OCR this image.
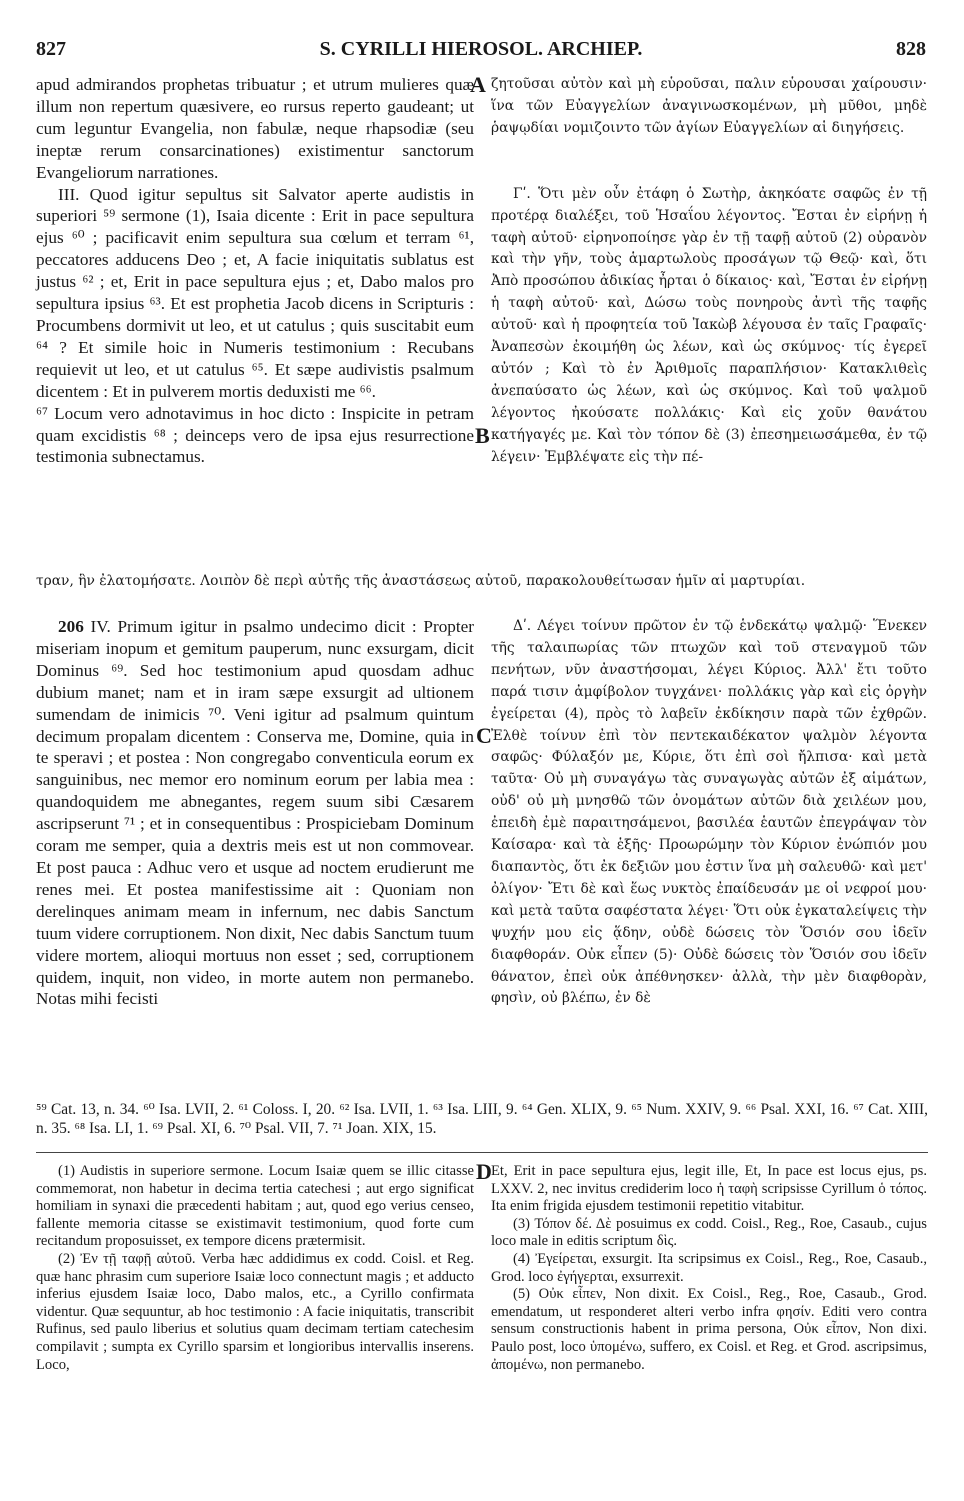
827	S. CYRILLI HIEROSOL. ARCHIEP.	828
A
B
C
D

apud admirandos prophetas tribuatur ; et utrum mulieres quæ illum non repertum quæsivere, eo rursus reperto gaudeant; ut cum leguntur Evangelia, non fabulæ, neque rhapsodiæ (seu ineptæ rerum consarcinationes) existimentur sanctorum Evangeliorum narrationes.

III. Quod igitur sepultus sit Salvator aperte audistis in superiori ⁵⁹ sermone (1), Isaia dicente : Erit in pace sepultura ejus ⁶⁰ ; pacificavit enim sepultura sua cœlum et terram ⁶¹, peccatores adducens Deo ; et, A facie iniquitatis sublatus est justus ⁶² ; et, Erit in pace sepultura ejus ; et, Dabo malos pro sepultura ipsius ⁶³. Et est prophetia Jacob dicens in Scripturis : Procumbens dormivit ut leo, et ut catulus ; quis suscitabit eum ⁶⁴ ? Et simile hoic in Numeris testimonium : Recubans requievit ut leo, et ut catulus ⁶⁵. Et sæpe audivistis psalmum dicentem : Et in pulverem mortis deduxisti me ⁶⁶.

⁶⁷ Locum vero adnotavimus in hoc dicto : Inspicite in petram quam excidistis ⁶⁸ ; deinceps vero de ipsa ejus resurrectione testimonia subnectamus.

ζητοῦσαι αὐτὸν καὶ μὴ εὑροῦσαι, παλιν εὑρουσαι χαίρουσιν· ἵνα τῶν Εὐαγγελίων ἀναγινωσκομένων, μὴ μῦθοι, μηδὲ ῥαψῳδίαι νομιζοιντο τῶν ἁγίων Εὐαγγελίων αἱ διηγήσεις.

Γʹ. Ὅτι μὲν οὖν ἐτάφη ὁ Σωτὴρ, ἀκηκόατε σαφῶς ἐν τῇ προτέρᾳ διαλέξει, τοῦ Ἡσαΐου λέγοντος. Ἔσται ἐν εἰρήνῃ ἡ ταφὴ αὐτοῦ· εἰρηνοποίησε γὰρ ἐν τῇ ταφῇ αὐτοῦ (2) οὐρανὸν καὶ τὴν γῆν, τοὺς ἁμαρτωλοὺς προσάγων τῷ Θεῷ· καὶ, ὅτι Ἀπὸ προσώπου ἀδικίας ἦρται ὁ δίκαιος· καὶ, Ἔσται ἐν εἰρήνῃ ἡ ταφὴ αὐτοῦ· καὶ, Δώσω τοὺς πονηροὺς ἀντὶ τῆς ταφῆς αὐτοῦ· καὶ ἡ προφητεία τοῦ Ἰακὼβ λέγουσα ἐν ταῖς Γραφαῖς· Ἀναπεσὼν ἐκοιμήθη ὡς λέων, καὶ ὡς σκύμνος· τίς ἐγερεῖ αὐτόν ; Καὶ τὸ ἐν Ἀριθμοῖς παραπλήσιον· Κατακλιθεὶς ἀνεπαύσατο ὡς λέων, καὶ ὡς σκύμνος. Καὶ τοῦ ψαλμοῦ λέγοντος ἠκούσατε πολλάκις· Καὶ εἰς χοῦν θανάτου κατήγαγές με. Καὶ τὸν τόπον δὲ (3) ἐπεσημειωσάμεθα, ἐν τῷ λέγειν· Ἐμβλέψατε εἰς τὴν πέ-

τραν, ἣν ἐλατομήσατε. Λοιπὸν δὲ περὶ αὐτῆς τῆς ἀναστάσεως αὐτοῦ, παρακολουθείτωσαν ἡμῖν αἱ μαρτυρίαι.

206 IV. Primum igitur in psalmo undecimo dicit : Propter miseriam inopum et gemitum pauperum, nunc exsurgam, dicit Dominus ⁶⁹. Sed hoc testimonium apud quosdam adhuc dubium manet; nam et in iram sæpe exsurgit ad ultionem sumendam de inimicis ⁷⁰. Veni igitur ad psalmum quintum decimum propalam dicentem : Conserva me, Domine, quia in te speravi ; et postea : Non congregabo conventicula eorum ex sanguinibus, nec memor ero nominum eorum per labia mea : quandoquidem me abnegantes, regem suum sibi Cæsarem ascripserunt ⁷¹ ; et in consequentibus : Prospiciebam Dominum coram me semper, quia a dextris meis est ut non commovear. Et post pauca : Adhuc vero et usque ad noctem erudierunt me renes mei. Et postea manifestissime ait : Quoniam non derelinques animam meam in infernum, nec dabis Sanctum tuum videre corruptionem. Non dixit, Nec dabis Sanctum tuum videre mortem, alioqui mortuus non esset ; sed, corruptionem quidem, inquit, non video, in morte autem non permanebo. Notas mihi fecisti

Δʹ. Λέγει τοίνυν πρῶτον ἐν τῷ ἑνδεκάτῳ ψαλμῷ· Ἕνεκεν τῆς ταλαιπωρίας τῶν πτωχῶν καὶ τοῦ στεναγμοῦ τῶν πενήτων, νῦν ἀναστήσομαι, λέγει Κύριος. Ἀλλ' ἔτι τοῦτο παρά τισιν ἀμφίβολον τυγχάνει· πολλάκις γὰρ καὶ εἰς ὀργὴν ἐγείρεται (4), πρὸς τὸ λαβεῖν ἐκδίκησιν παρὰ τῶν ἐχθρῶν. Ἐλθὲ τοίνυν ἐπὶ τὸν πεντεκαιδέκατον ψαλμὸν λέγοντα σαφῶς· Φύλαξόν με, Κύριε, ὅτι ἐπὶ σοὶ ἤλπισα· καὶ μετὰ ταῦτα· Οὐ μὴ συναγάγω τὰς συναγωγὰς αὐτῶν ἐξ αἱμάτων, οὐδ' οὐ μὴ μνησθῶ τῶν ὀνομάτων αὐτῶν διὰ χειλέων μου, ἐπειδὴ ἐμὲ παραιτησάμενοι, βασιλέα ἑαυτῶν ἐπεγράψαν τὸν Καίσαρα· καὶ τὰ ἑξῆς· Προωρώμην τὸν Κύριον ἐνώπιόν μου διαπαντὸς, ὅτι ἐκ δεξιῶν μου ἐστιν ἵνα μὴ σαλευθῶ· καὶ μετ' ὀλίγον· Ἔτι δὲ καὶ ἕως νυκτὸς ἐπαίδευσάν με οἱ νεφροί μου· καὶ μετὰ ταῦτα σαφέστατα λέγει· Ὅτι οὐκ ἐγκαταλείψεις τὴν ψυχήν μου εἰς ᾅδην, οὐδὲ δώσεις τὸν Ὅσιόν σου ἰδεῖν διαφθοράν. Οὐκ εἶπεν (5)· Οὐδὲ δώσεις τὸν Ὅσιόν σου ἰδεῖν θάνατον, ἐπεὶ οὐκ ἀπέθνησκεν· ἀλλὰ, τὴν μὲν διαφθορὰν, φησὶν, οὐ βλέπω, ἐν δὲ

⁵⁹ Cat. 13, n. 34. ⁶⁰ Isa. LVII, 2. ⁶¹ Coloss. I, 20. ⁶² Isa. LVII, 1. ⁶³ Isa. LIII, 9. ⁶⁴ Gen. XLIX, 9. ⁶⁵ Num. XXIV, 9. ⁶⁶ Psal. XXI, 16. ⁶⁷ Cat. XIII, n. 35. ⁶⁸ Isa. LI, 1. ⁶⁹ Psal. XI, 6. ⁷⁰ Psal. VII, 7. ⁷¹ Joan. XIX, 15.

(1) Audistis in superiore sermone. Locum Isaiæ quem se illic citasse commemorat, non habetur in decima tertia catechesi ; aut ergo significat homiliam in synaxi die præcedenti habitam ; aut, quod ego verius censeo, fallente memoria citasse se existimavit testimonium, quod forte cum recitandum proposuisset, ex tempore dicens prætermisit.

(2) Ἐν τῇ ταφῇ αὐτοῦ. Verba hæc addidimus ex codd. Coisl. et Reg. quæ hanc phrasim cum superiore Isaiæ loco connectunt magis ; et adducto inferius ejusdem Isaiæ loco, Dabo malos, etc., a Cyrillo confirmata videntur. Quæ sequuntur, ab hoc testimonio : A facie iniquitatis, transcribit Rufinus, sed paulo liberius et solutius quam decimam tertiam catechesim compilavit ; sumpta ex Cyrillo sparsim et longioribus intervallis inserens. Loco,

Et, Erit in pace sepultura ejus, legit ille, Et, In pace est locus ejus, ps. LXXV. 2, nec invitus crediderim loco ἡ ταφὴ scripsisse Cyrillum ὁ τόπος. Ita enim frigida ejusdem testimonii repetitio vitabitur.

(3) Τόπον δέ. Δὲ posuimus ex codd. Coisl., Reg., Roe, Casaub., cujus loco male in editis scriptum δὶς.

(4) Ἐγείρεται, exsurgit. Ita scripsimus ex Coisl., Reg., Roe, Casaub., Grod. loco ἐγήγερται, exsurrexit.

(5) Οὐκ εἶπεν, Non dixit. Ex Coisl., Reg., Roe, Casaub., Grod. emendatum, ut responderet alteri verbo infra φησίν. Editi vero contra sensum constructionis habent in prima persona, Οὐκ εἶπον, Non dixi. Paulo post, loco ὑπομένω, suffero, ex Coisl. et Reg. et Grod. ascripsimus, ἀπομένω, non permanebo.
